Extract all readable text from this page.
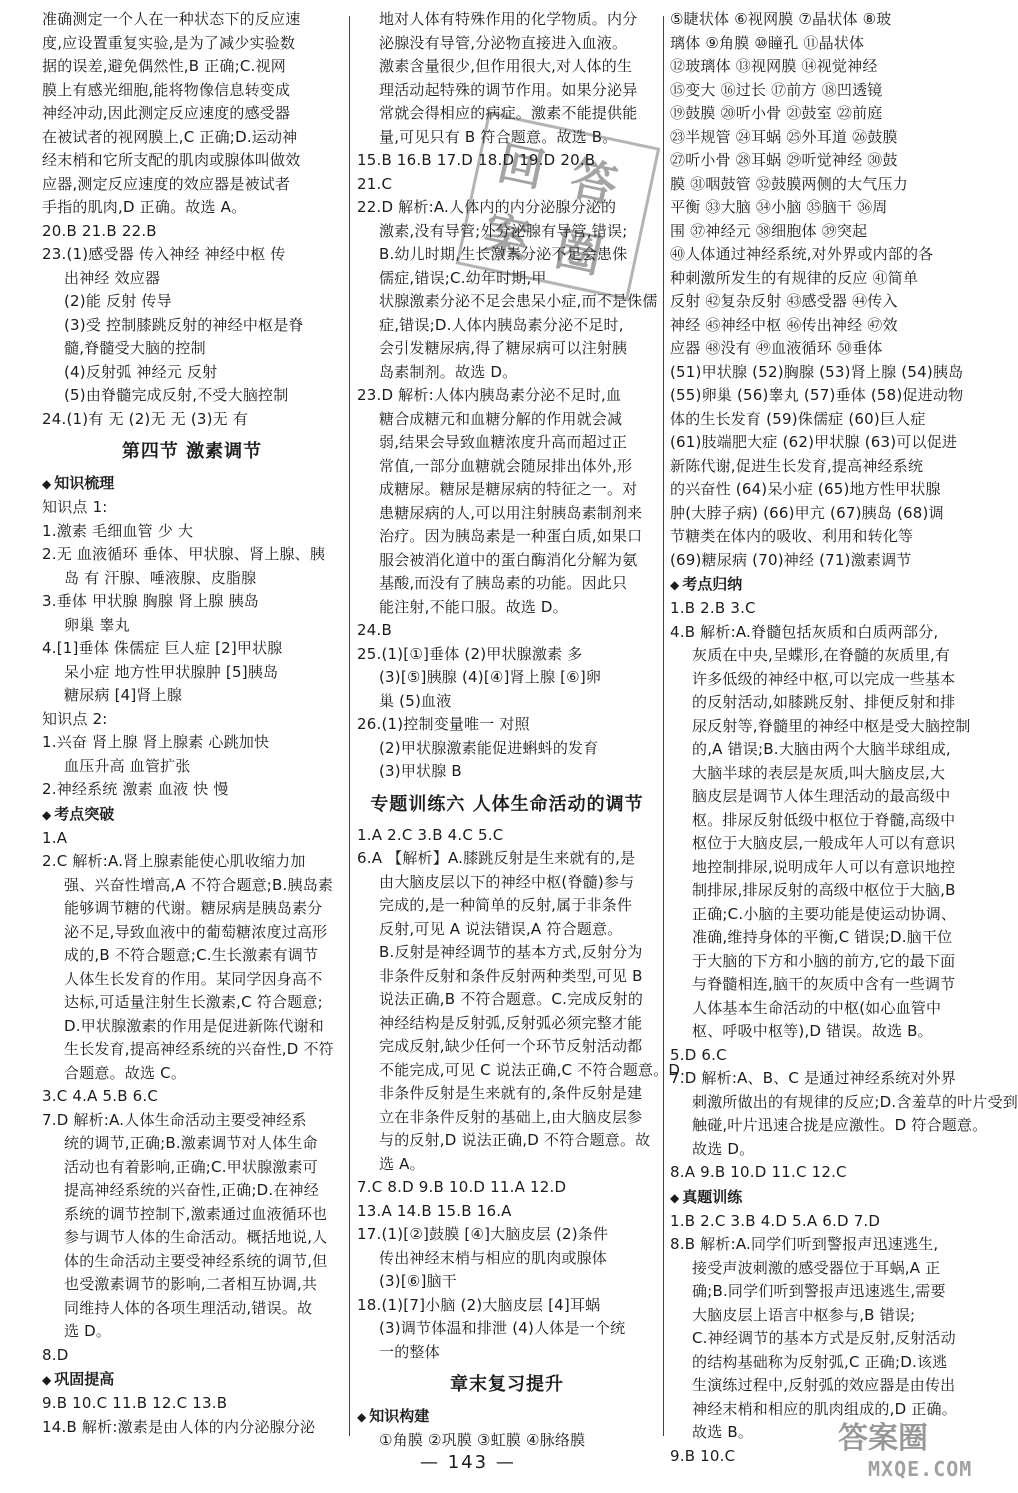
准确测定一个人在一种状态下的反应速
度,应设置重复实验,是为了减少实验数
据的误差,避免偶然性,B 正确;C.视网
膜上有感光细胞,能将物像信息转变成
神经冲动,因此测定反应速度的感受器
在被试者的视网膜上,C 正确;D.运动神
经末梢和它所支配的肌肉或腺体叫做效
应器,测定反应速度的效应器是被试者
手指的肌肉,D 正确。故选 A。
20.B 21.B 22.B
23.(1)感受器 传入神经 神经中枢 传
出神经 效应器
(2)能 反射 传导
(3)受 控制膝跳反射的神经中枢是脊
髓,脊髓受大脑的控制
(4)反射弧 神经元 反射
(5)由脊髓完成反射,不受大脑控制
24.(1)有 无 (2)无 无 (3)无 有
第四节 激素调节
◆ 知识梳理
知识点 1:
1.激素 毛细血管 少 大
2.无 血液循环 垂体、甲状腺、肾上腺、胰
岛 有 汗腺、唾液腺、皮脂腺
3.垂体 甲状腺 胸腺 肾上腺 胰岛
卵巢 睾丸
4.[1]垂体 侏儒症 巨人症 [2]甲状腺
呆小症 地方性甲状腺肿 [5]胰岛
糖尿病 [4]肾上腺
知识点 2:
1.兴奋 肾上腺 肾上腺素 心跳加快
血压升高 血管扩张
2.神经系统 激素 血液 快 慢
◆ 考点突破
1.A
2.C 解析:A.肾上腺素能使心肌收缩力加
强、兴奋性增高,A 不符合题意;B.胰岛素
能够调节糖的代谢。糖尿病是胰岛素分
泌不足,导致血液中的葡萄糖浓度过高形
成的,B 不符合题意;C.生长激素有调节
人体生长发育的作用。某同学因身高不
达标,可适量注射生长激素,C 符合题意;
D.甲状腺激素的作用是促进新陈代谢和
生长发育,提高神经系统的兴奋性,D 不符
合题意。故选 C。
3.C 4.A 5.B 6.C
7.D 解析:A.人体生命活动主要受神经系
统的调节,正确;B.激素调节对人体生命
活动也有着影响,正确;C.甲状腺激素可
提高神经系统的兴奋性,正确;D.在神经
系统的调节控制下,激素通过血液循环也
参与调节人体的生命活动。概括地说,人
体的生命活动主要受神经系统的调节,但
也受激素调节的影响,二者相互协调,共
同维持人体的各项生理活动,错误。故
选 D。
8.D
◆ 巩固提高
9.B 10.C 11.B 12.C 13.B
14.B 解析:激素是由人体的内分泌腺分泌
地对人体有特殊作用的化学物质。内分
泌腺没有导管,分泌物直接进入血液。
激素含量很少,但作用很大,对人体的生
理活动起特殊的调节作用。如果分泌异
常就会得相应的病症。激素不能提供能
量,可见只有 B 符合题意。故选 B。
15.B 16.B 17.D 18.D 19.D 20.B
21.C
22.D 解析:A.人体内的内分泌腺分泌的
激素,没有导管;外分泌腺有导管,错误;
B.幼儿时期,生长激素分泌不足会患侏
儒症,错误;C.幼年时期,甲
状腺激素分泌不足会患呆小症,而不是侏儒
症,错误;D.人体内胰岛素分泌不足时,
会引发糖尿病,得了糖尿病可以注射胰
岛素制剂。故选 D。
23.D 解析:人体内胰岛素分泌不足时,血
糖合成糖元和血糖分解的作用就会减
弱,结果会导致血糖浓度升高而超过正
常值,一部分血糖就会随尿排出体外,形
成糖尿。糖尿是糖尿病的特征之一。对
患糖尿病的人,可以用注射胰岛素制剂来
治疗。因为胰岛素是一种蛋白质,如果口
服会被消化道中的蛋白酶消化分解为氨
基酸,而没有了胰岛素的功能。因此只
能注射,不能口服。故选 D。
24.B
25.(1)[①]垂体 (2)甲状腺激素 多
(3)[⑤]胰腺 (4)[④]肾上腺 [⑥]卵
巢 (5)血液
26.(1)控制变量唯一 对照
(2)甲状腺激素能促进蝌蚪的发育
(3)甲状腺 B
专题训练六 人体生命活动的调节
1.A 2.C 3.B 4.C 5.C
6.A 【解析】A.膝跳反射是生来就有的,是
由大脑皮层以下的神经中枢(脊髓)参与
完成的,是一种简单的反射,属于非条件
反射,可见 A 说法错误,A 符合题意。
B.反射是神经调节的基本方式,反射分为
非条件反射和条件反射两种类型,可见 B
说法正确,B 不符合题意。C.完成反射的
神经结构是反射弧,反射弧必须完整才能
完成反射,缺少任何一个环节反射活动都
不能完成,可见 C 说法正确,C 不符合题意。D.
非条件反射是生来就有的,条件反射是建
立在非条件反射的基础上,由大脑皮层参
与的反射,D 说法正确,D 不符合题意。故
选 A。
7.C 8.D 9.B 10.D 11.A 12.D
13.A 14.B 15.B 16.A
17.(1)[②]鼓膜 [④]大脑皮层 (2)条件
传出神经末梢与相应的肌肉或腺体
(3)[⑥]脑干
18.(1)[7]小脑 (2)大脑皮层 [4]耳蜗
(3)调节体温和排泄 (4)人体是一个统
一的整体
章末复习提升
◆ 知识构建
①角膜 ②巩膜 ③虹膜 ④脉络膜
⑤睫状体 ⑥视网膜 ⑦晶状体 ⑧玻
璃体 ⑨角膜 ⑩瞳孔 ⑪晶状体
⑫玻璃体 ⑬视网膜 ⑭视觉神经
⑮变大 ⑯过长 ⑰前方 ⑱凹透镜
⑲鼓膜 ⑳听小骨 ㉑鼓室 ㉒前庭
㉓半规管 ㉔耳蜗 ㉕外耳道 ㉖鼓膜
㉗听小骨 ㉘耳蜗 ㉙听觉神经 ㉚鼓
膜 ㉛咽鼓管 ㉜鼓膜两侧的大气压力
平衡 ㉝大脑 ㉞小脑 ㉟脑干 ㊱周
围 ㊲神经元 ㊳细胞体 ㊴突起
㊵人体通过神经系统,对外界或内部的各
种刺激所发生的有规律的反应 ㊶简单
反射 ㊷复杂反射 ㊸感受器 ㊹传入
神经 ㊺神经中枢 ㊻传出神经 ㊼效
应器 ㊽没有 ㊾血液循环 ㊿垂体
(51)甲状腺 (52)胸腺 (53)肾上腺 (54)胰岛
(55)卵巢 (56)睾丸 (57)垂体 (58)促进动物
体的生长发育 (59)侏儒症 (60)巨人症
(61)肢端肥大症 (62)甲状腺 (63)可以促进
新陈代谢,促进生长发育,提高神经系统
的兴奋性 (64)呆小症 (65)地方性甲状腺
肿(大脖子病) (66)甲亢 (67)胰岛 (68)调
节糖类在体内的吸收、利用和转化等
(69)糖尿病 (70)神经 (71)激素调节
◆ 考点归纳
1.B 2.B 3.C
4.B 解析:A.脊髓包括灰质和白质两部分,
灰质在中央,呈蝶形,在脊髓的灰质里,有
许多低级的神经中枢,可以完成一些基本
的反射活动,如膝跳反射、排便反射和排
尿反射等,脊髓里的神经中枢是受大脑控制
的,A 错误;B.大脑由两个大脑半球组成,
大脑半球的表层是灰质,叫大脑皮层,大
脑皮层是调节人体生理活动的最高级中
枢。排尿反射低级中枢位于脊髓,高级中
枢位于大脑皮层,一般成年人可以有意识
地控制排尿,说明成年人可以有意识地控
制排尿,排尿反射的高级中枢位于大脑,B
正确;C.小脑的主要功能是使运动协调、
准确,维持身体的平衡,C 错误;D.脑干位
于大脑的下方和小脑的前方,它的最下面
与脊髓相连,脑干的灰质中含有一些调节
人体基本生命活动的中枢(如心血管中
枢、呼吸中枢等),D 错误。故选 B。
5.D 6.C
7.D 解析:A、B、C 是通过神经系统对外界
刺激所做出的有规律的反应;D.含羞草的叶片受到
触碰,叶片迅速合拢是应激性。D 符合题意。
故选 D。
8.A 9.B 10.D 11.C 12.C
◆ 真题训练
1.B 2.C 3.B 4.D 5.A 6.D 7.D
8.B 解析:A.同学们听到警报声迅速逃生,
接受声波刺激的感受器位于耳蜗,A 正
确;B.同学们听到警报声迅速逃生,需要
大脑皮层上语言中枢参与,B 错误;
C.神经调节的基本方式是反射,反射活动
的结构基础称为反射弧,C 正确;D.该逃
生演练过程中,反射弧的效应器是由传出
神经末梢和相应的肌肉组成的,D 正确。
故选 B。
9.B 10.C
回 答
案 圈
— 143 —
答案圈
MXQE.COM
